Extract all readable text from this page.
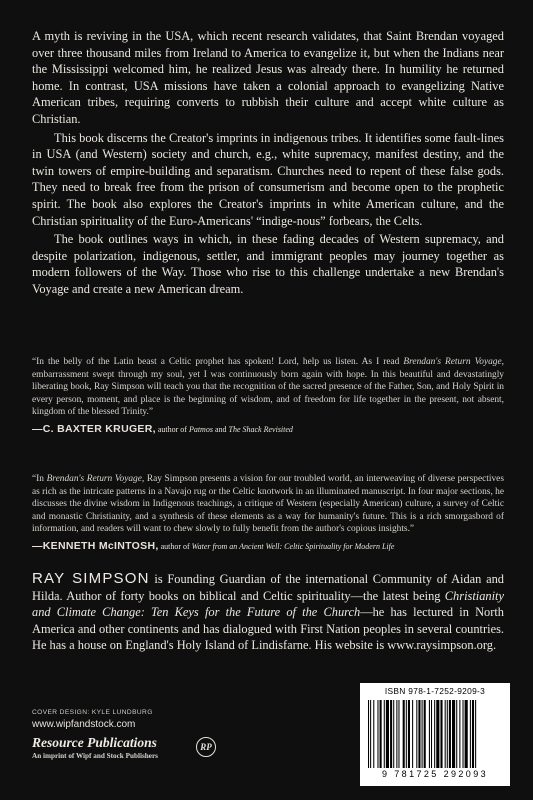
A myth is reviving in the USA, which recent research validates, that Saint Brendan voyaged over three thousand miles from Ireland to America to evangelize it, but when the Indians near the Mississippi welcomed him, he realized Jesus was already there. In humility he returned home. In contrast, USA missions have taken a colonial approach to evangelizing Native American tribes, requiring converts to rubbish their culture and accept white culture as Christian.

This book discerns the Creator's imprints in indigenous tribes. It identifies some fault-lines in USA (and Western) society and church, e.g., white supremacy, manifest destiny, and the twin towers of empire-building and separatism. Churches need to repent of these false gods. They need to break free from the prison of consumerism and become open to the prophetic spirit. The book also explores the Creator's imprints in white American culture, and the Christian spirituality of the Euro-Americans' “indige-nous” forbears, the Celts.

The book outlines ways in which, in these fading decades of Western supremacy, and despite polarization, indigenous, settler, and immigrant peoples may journey together as modern followers of the Way. Those who rise to this challenge undertake a new Brendan's Voyage and create a new American dream.

“In the belly of the Latin beast a Celtic prophet has spoken! Lord, help us listen. As I read Brendan's Return Voyage, embarrassment swept through my soul, yet I was continuously born again with hope. In this beautiful and devastatingly liberating book, Ray Simpson will teach you that the recognition of the sacred presence of the Father, Son, and Holy Spirit in every person, moment, and place is the beginning of wisdom, and of freedom for life together in the present, not absent, kingdom of the blessed Trinity.”

—C. BAXTER KRUGER, author of Patmos and The Shack Revisited

“In Brendan's Return Voyage, Ray Simpson presents a vision for our troubled world, an interweaving of diverse perspectives as rich as the intricate patterns in a Navajo rug or the Celtic knotwork in an illuminated manuscript. In four major sections, he discusses the divine wisdom in Indigenous teachings, a critique of Western (especially American) culture, a survey of Celtic and monastic Christianity, and a synthesis of these elements as a way for humanity's future. This is a rich smorgasbord of information, and readers will want to chew slowly to fully benefit from the author's copious insights.”

—KENNETH McINTOSH, author of Water from an Ancient Well: Celtic Spirituality for Modern Life
RAY SIMPSON is Founding Guardian of the international Community of Aidan and Hilda. Author of forty books on biblical and Celtic spirituality—the latest being Christianity and Climate Change: Ten Keys for the Future of the Church—he has lectured in North America and other continents and has dialogued with First Nation peoples in several countries. He has a house on England's Holy Island of Lindisfarne. His website is www.raysimpson.org.
COVER DESIGN: KYLE LUNDBURG
www.wipfandstock.com
Resource Publications	RP
An imprint of Wipf and Stock Publishers
ISBN 978-1-7252-9209-3
9 781725 292093
